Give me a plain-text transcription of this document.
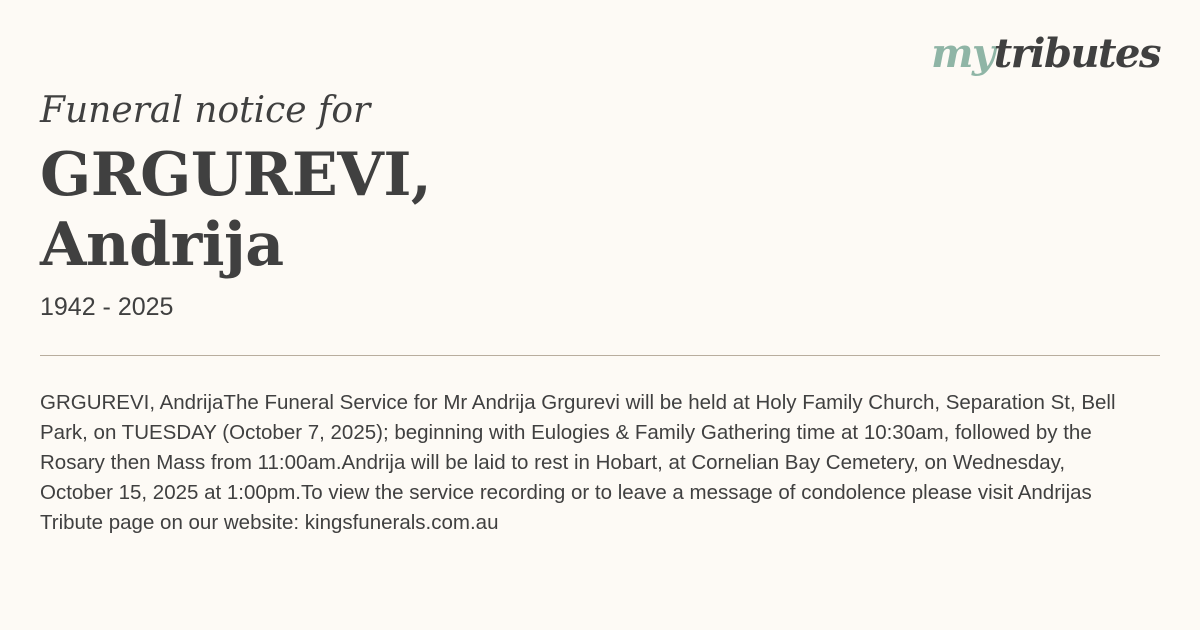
mytributes

Funeral notice for

GRGUREVI,
Andrija

1942 - 2025

GRGUREVI, AndrijaThe Funeral Service for Mr Andrija Grgurevi will be held at Holy Family Church, Separation St, Bell Park, on TUESDAY (October 7, 2025); beginning with Eulogies & Family Gathering time at 10:30am, followed by the Rosary then Mass from 11:00am.Andrija will be laid to rest in Hobart, at Cornelian Bay Cemetery, on Wednesday, October 15, 2025 at 1:00pm.To view the service recording or to leave a message of condolence please visit Andrijas Tribute page on our website: kingsfunerals.com.au
